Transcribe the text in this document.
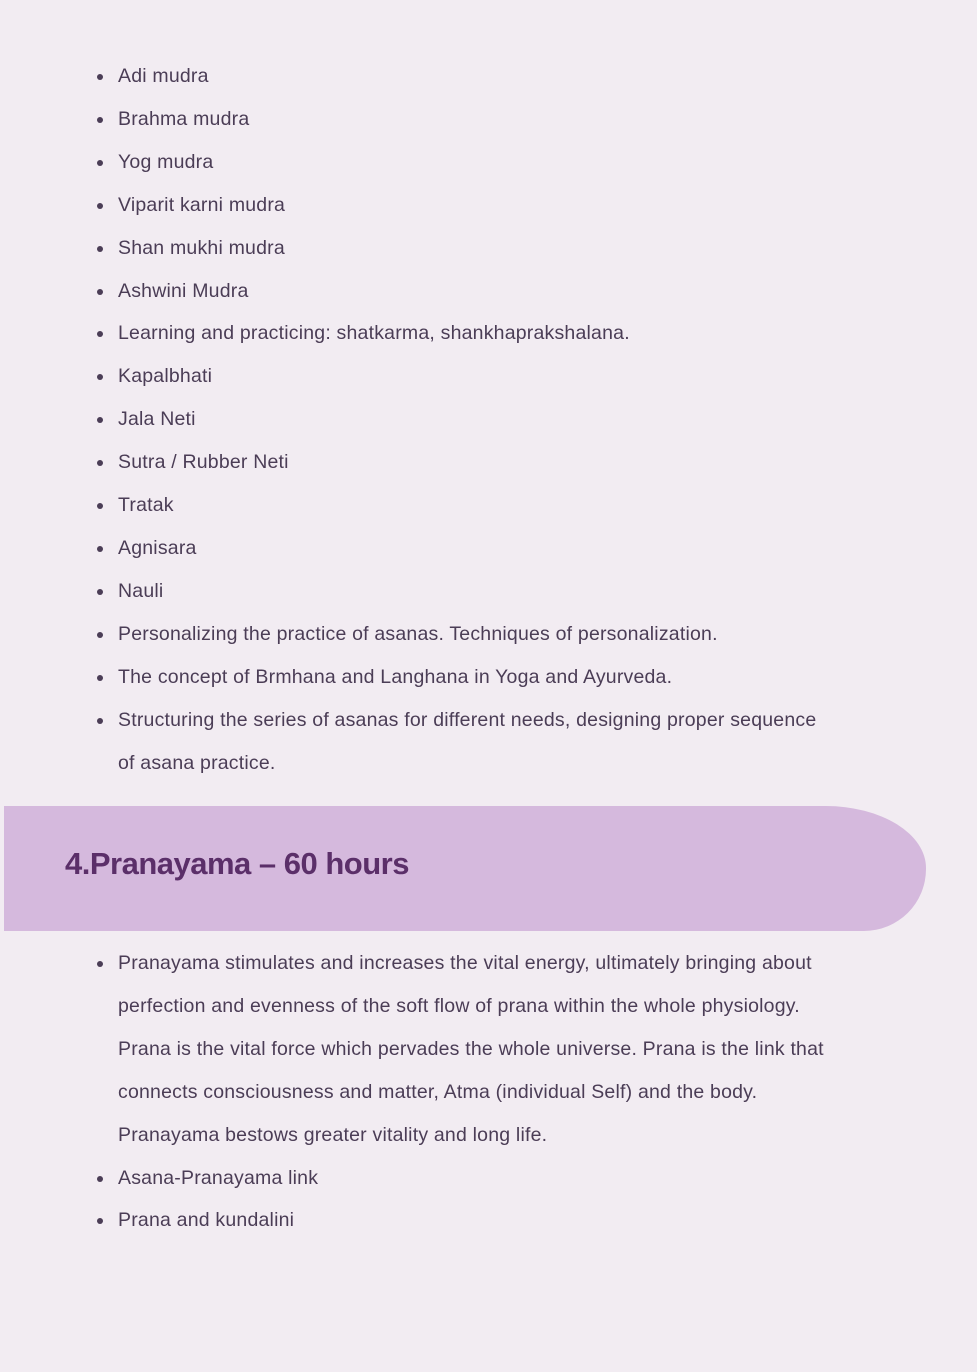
Adi mudra
Brahma mudra
Yog mudra
Viparit karni mudra
Shan mukhi mudra
Ashwini Mudra
Learning and practicing: shatkarma, shankhaprakshalana.
Kapalbhati
Jala Neti
Sutra / Rubber Neti
Tratak
Agnisara
Nauli
Personalizing the practice of asanas. Techniques of personalization.
The concept of Brmhana and Langhana in Yoga and Ayurveda.
Structuring the series of asanas for different needs, designing proper sequence of asana practice.
4.Pranayama – 60 hours
Pranayama stimulates and increases the vital energy, ultimately bringing about perfection and evenness of the soft flow of prana within the whole physiology. Prana is the vital force which pervades the whole universe. Prana is the link that connects consciousness and matter, Atma (individual Self) and the body. Pranayama bestows greater vitality and long life.
Asana-Pranayama link
Prana and kundalini
